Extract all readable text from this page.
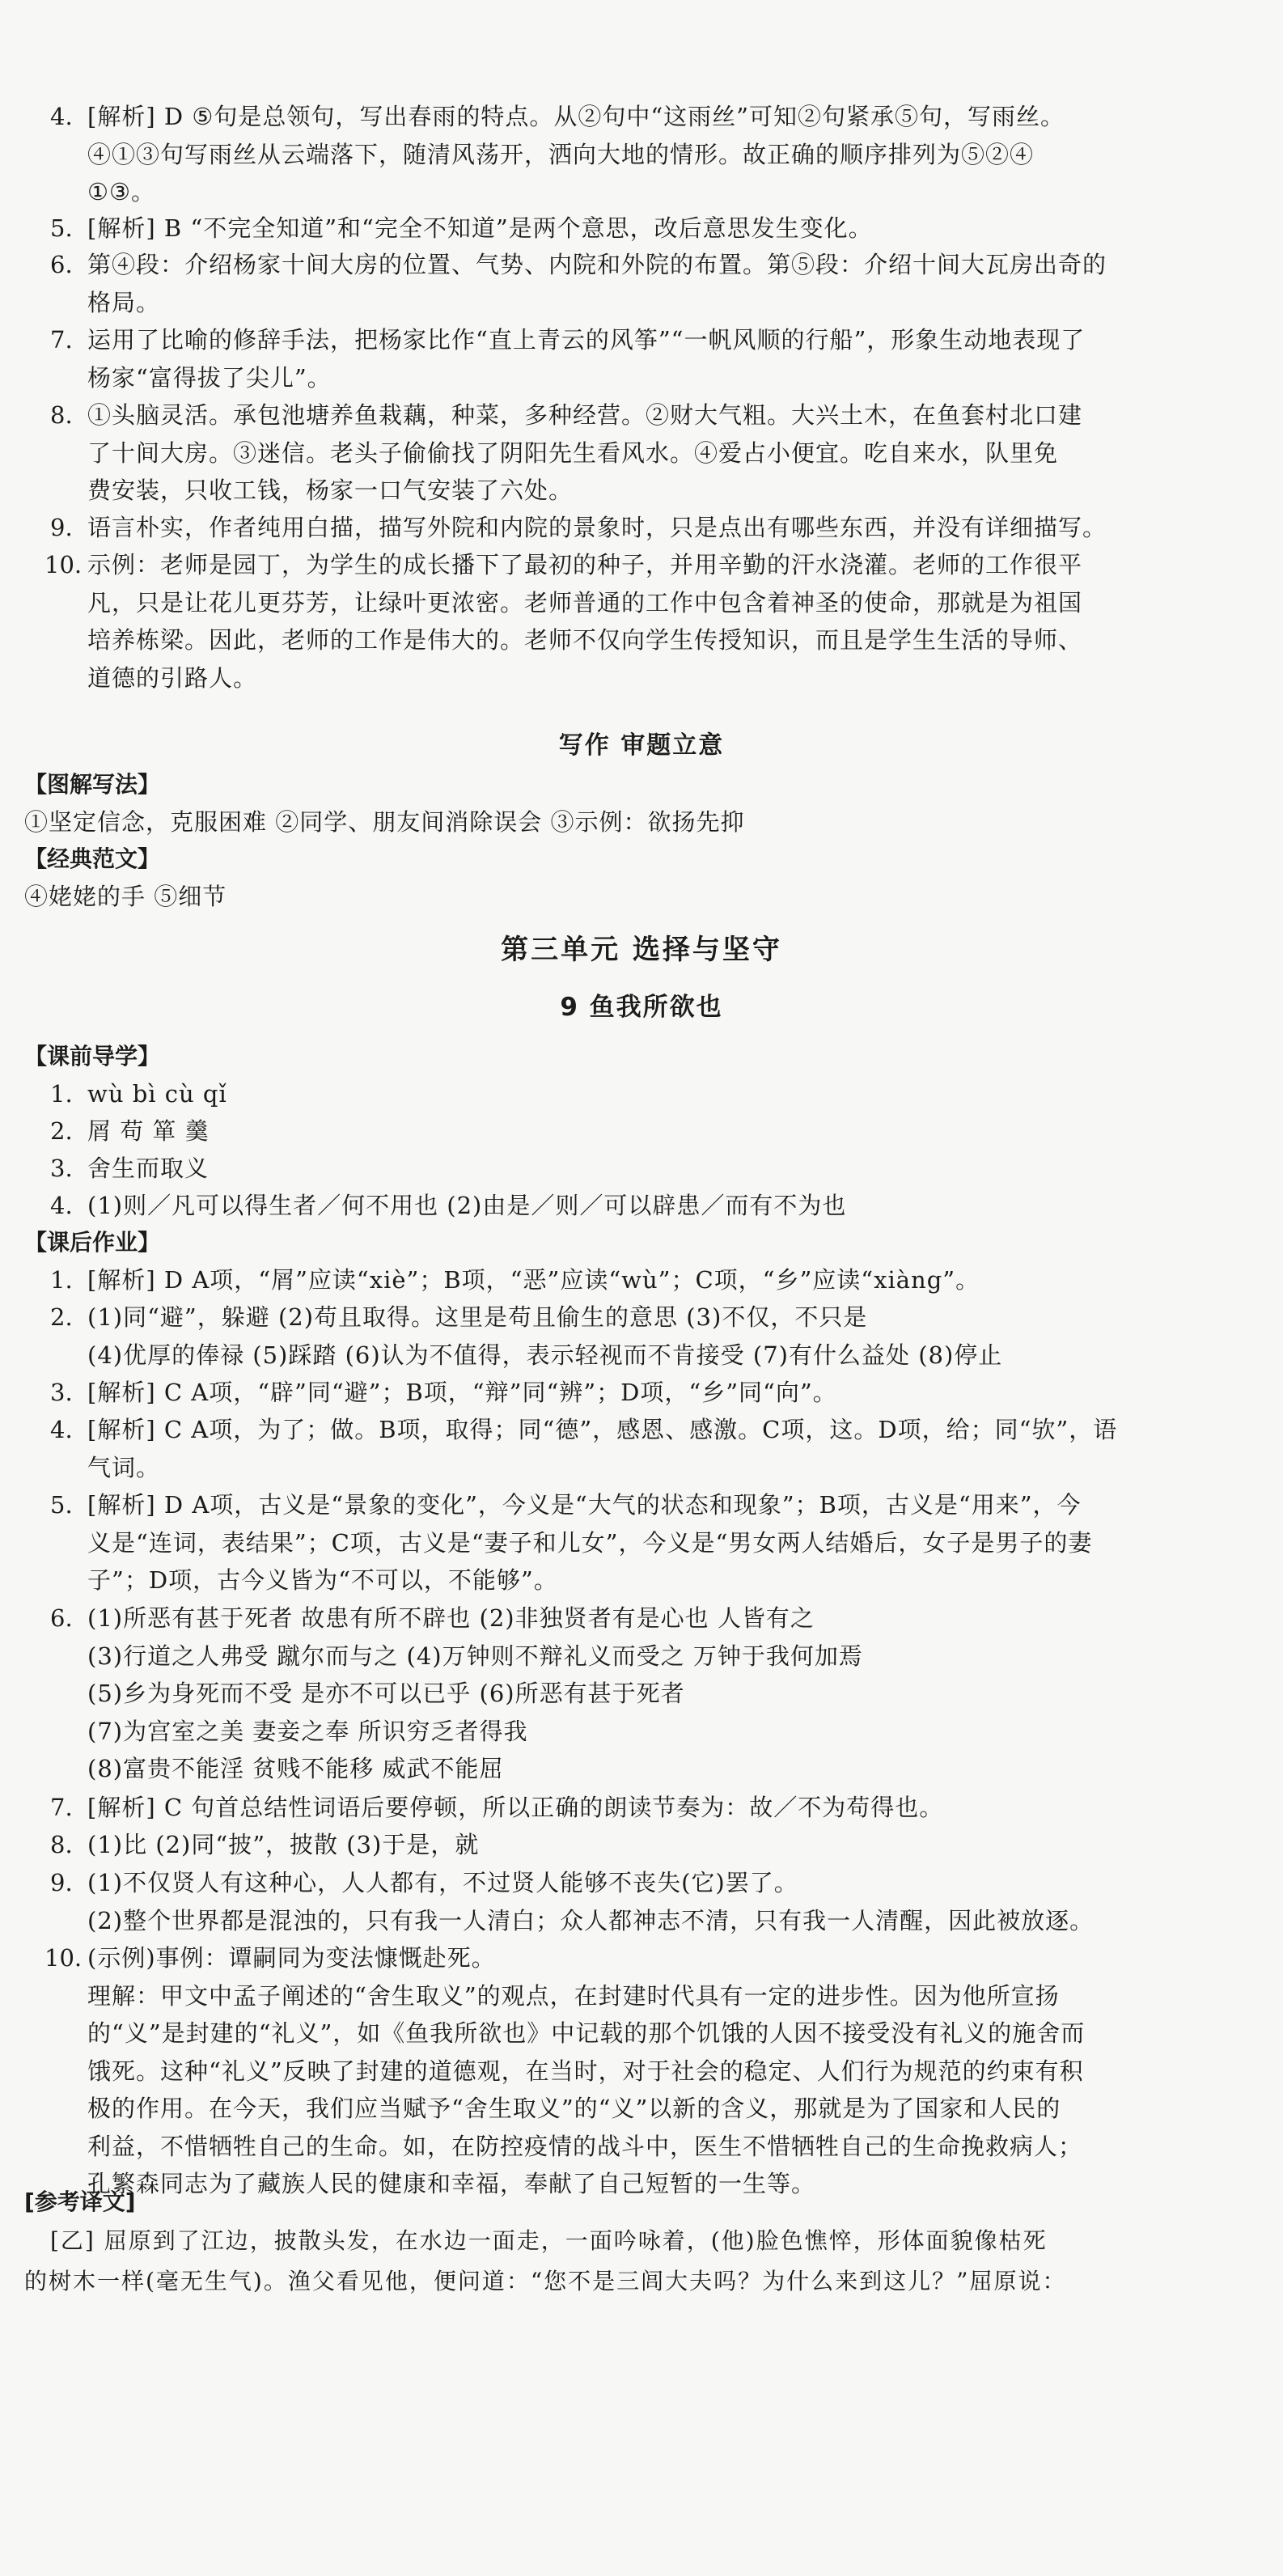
4. [解析] D ⑤句是总领句，写出春雨的特点。从②句中“这雨丝”可知②句紧承⑤句，写雨丝。
④①③句写雨丝从云端落下，随清风荡开，洒向大地的情形。故正确的顺序排列为⑤②④
①③。
5. [解析] B “不完全知道”和“完全不知道”是两个意思，改后意思发生变化。
6. 第④段：介绍杨家十间大房的位置、气势、内院和外院的布置。第⑤段：介绍十间大瓦房出奇的
格局。
7. 运用了比喻的修辞手法，把杨家比作“直上青云的风筝”“一帆风顺的行船”，形象生动地表现了
杨家“富得拔了尖儿”。
8. ①头脑灵活。承包池塘养鱼栽藕，种菜，多种经营。②财大气粗。大兴土木，在鱼套村北口建
了十间大房。③迷信。老头子偷偷找了阴阳先生看风水。④爱占小便宜。吃自来水，队里免
费安装，只收工钱，杨家一口气安装了六处。
9. 语言朴实，作者纯用白描，描写外院和内院的景象时，只是点出有哪些东西，并没有详细描写。
10. 示例：老师是园丁，为学生的成长播下了最初的种子，并用辛勤的汗水浇灌。老师的工作很平
凡，只是让花儿更芬芳，让绿叶更浓密。老师普通的工作中包含着神圣的使命，那就是为祖国
培养栋梁。因此，老师的工作是伟大的。老师不仅向学生传授知识，而且是学生生活的导师、
道德的引路人。
写作 审题立意
【图解写法】
①坚定信念，克服困难 ②同学、朋友间消除误会 ③示例：欲扬先抑
【经典范文】
④姥姥的手 ⑤细节
第三单元 选择与坚守
9 鱼我所欲也
【课前导学】
1. wù bì cù qǐ
2. 屑 苟 箪 羹
3. 舍生而取义
4. (1)则／凡可以得生者／何不用也 (2)由是／则／可以辟患／而有不为也
【课后作业】
1. [解析] D A项，“屑”应读“xiè”；B项，“恶”应读“wù”；C项，“乡”应读“xiàng”。
2. (1)同“避”，躲避 (2)苟且取得。这里是苟且偷生的意思 (3)不仅，不只是
(4)优厚的俸禄 (5)踩踏 (6)认为不值得，表示轻视而不肯接受 (7)有什么益处 (8)停止
3. [解析] C A项，“辟”同“避”；B项，“辩”同“辨”；D项，“乡”同“向”。
4. [解析] C A项，为了；做。B项，取得；同“德”，感恩、感激。C项，这。D项，给；同“欤”，语
气词。
5. [解析] D A项，古义是“景象的变化”，今义是“大气的状态和现象”；B项，古义是“用来”，今
义是“连词，表结果”；C项，古义是“妻子和儿女”，今义是“男女两人结婚后，女子是男子的妻
子”；D项，古今义皆为“不可以，不能够”。
6. (1)所恶有甚于死者 故患有所不辟也 (2)非独贤者有是心也 人皆有之
(3)行道之人弗受 蹴尔而与之 (4)万钟则不辩礼义而受之 万钟于我何加焉
(5)乡为身死而不受 是亦不可以已乎 (6)所恶有甚于死者
(7)为宫室之美 妻妾之奉 所识穷乏者得我
(8)富贵不能淫 贫贱不能移 威武不能屈
7. [解析] C 句首总结性词语后要停顿，所以正确的朗读节奏为：故／不为苟得也。
8. (1)比 (2)同“披”，披散 (3)于是，就
9. (1)不仅贤人有这种心，人人都有，不过贤人能够不丧失(它)罢了。
(2)整个世界都是混浊的，只有我一人清白；众人都神志不清，只有我一人清醒，因此被放逐。
10. (示例)事例：谭嗣同为变法慷慨赴死。
理解：甲文中孟子阐述的“舍生取义”的观点，在封建时代具有一定的进步性。因为他所宣扬
的“义”是封建的“礼义”，如《鱼我所欲也》中记载的那个饥饿的人因不接受没有礼义的施舍而
饿死。这种“礼义”反映了封建的道德观，在当时，对于社会的稳定、人们行为规范的约束有积
极的作用。在今天，我们应当赋予“舍生取义”的“义”以新的含义，那就是为了国家和人民的
利益，不惜牺牲自己的生命。如，在防控疫情的战斗中，医生不惜牺牲自己的生命挽救病人；
孔繁森同志为了藏族人民的健康和幸福，奉献了自己短暂的一生等。
[参考译文]
[乙] 屈原到了江边，披散头发，在水边一面走，一面吟咏着，(他)脸色憔悴，形体面貌像枯死
的树木一样(毫无生气)。渔父看见他，便问道：“您不是三闾大夫吗？为什么来到这儿？”屈原说：
